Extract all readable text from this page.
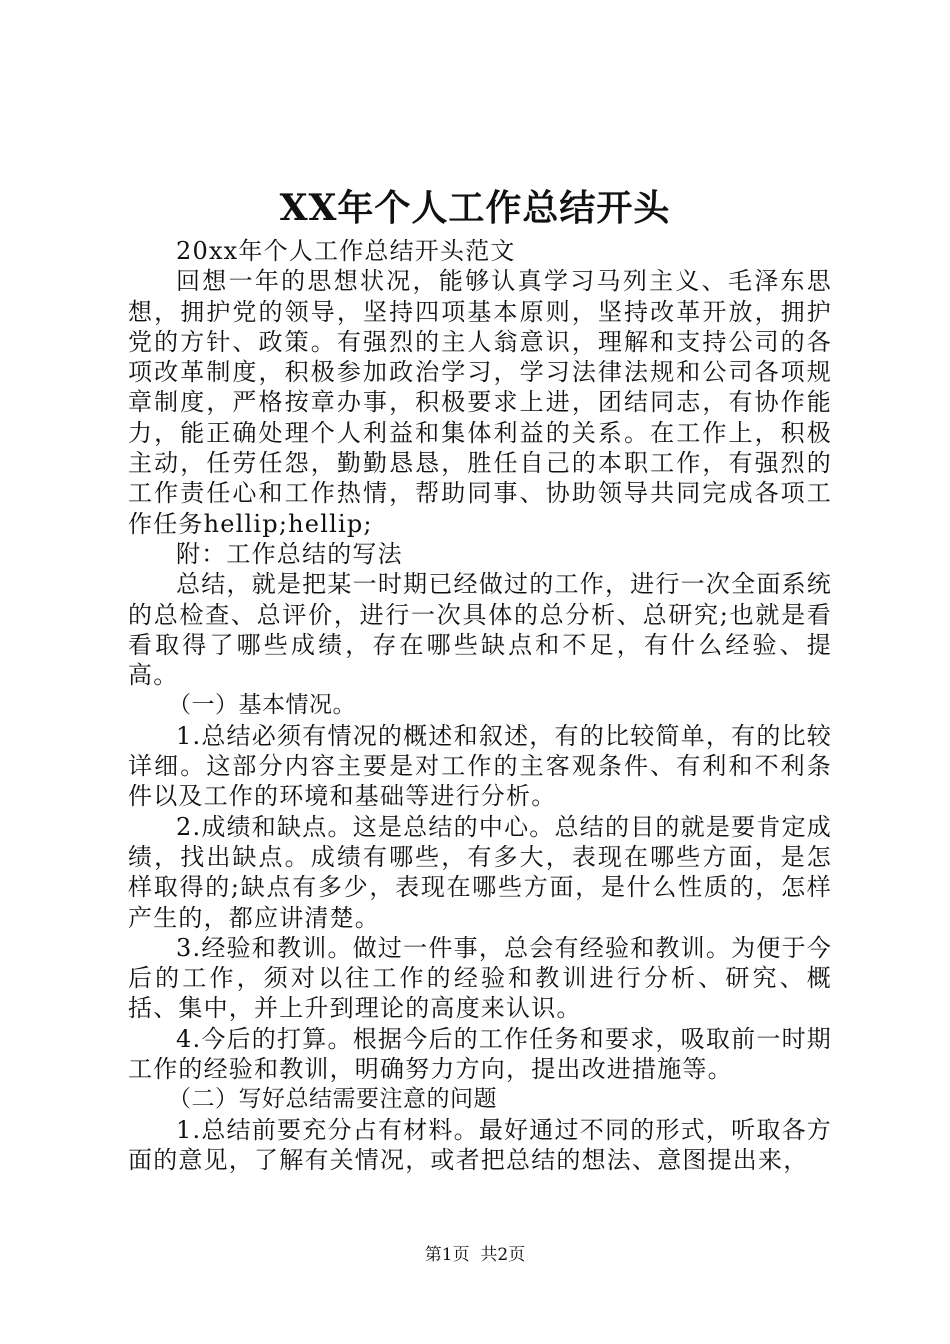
XX年个人工作总结开头

20xx年个人工作总结开头范文

回想一年的思想状况，能够认真学习马列主义、毛泽东思想，拥护党的领导，坚持四项基本原则，坚持改革开放，拥护党的方针、政策。有强烈的主人翁意识，理解和支持公司的各项改革制度，积极参加政治学习，学习法律法规和公司各项规章制度，严格按章办事，积极要求上进，团结同志，有协作能力，能正确处理个人利益和集体利益的关系。在工作上，积极主动，任劳任怨，勤勤恳恳，胜任自己的本职工作，有强烈的工作责任心和工作热情，帮助同事、协助领导共同完成各项工作任务hellip;hellip;

附：工作总结的写法

总结，就是把某一时期已经做过的工作，进行一次全面系统的总检查、总评价，进行一次具体的总分析、总研究;也就是看看取得了哪些成绩，存在哪些缺点和不足，有什么经验、提高。

（一）基本情况。

1.总结必须有情况的概述和叙述，有的比较简单，有的比较详细。这部分内容主要是对工作的主客观条件、有利和不利条件以及工作的环境和基础等进行分析。

2.成绩和缺点。这是总结的中心。总结的目的就是要肯定成绩，找出缺点。成绩有哪些，有多大，表现在哪些方面，是怎样取得的;缺点有多少，表现在哪些方面，是什么性质的，怎样产生的，都应讲清楚。

3.经验和教训。做过一件事，总会有经验和教训。为便于今后的工作，须对以往工作的经验和教训进行分析、研究、概括、集中，并上升到理论的高度来认识。

4.今后的打算。根据今后的工作任务和要求，吸取前一时期工作的经验和教训，明确努力方向，提出改进措施等。

（二）写好总结需要注意的问题

1.总结前要充分占有材料。最好通过不同的形式，听取各方面的意见，了解有关情况，或者把总结的想法、意图提出来，

第1页  共2页
